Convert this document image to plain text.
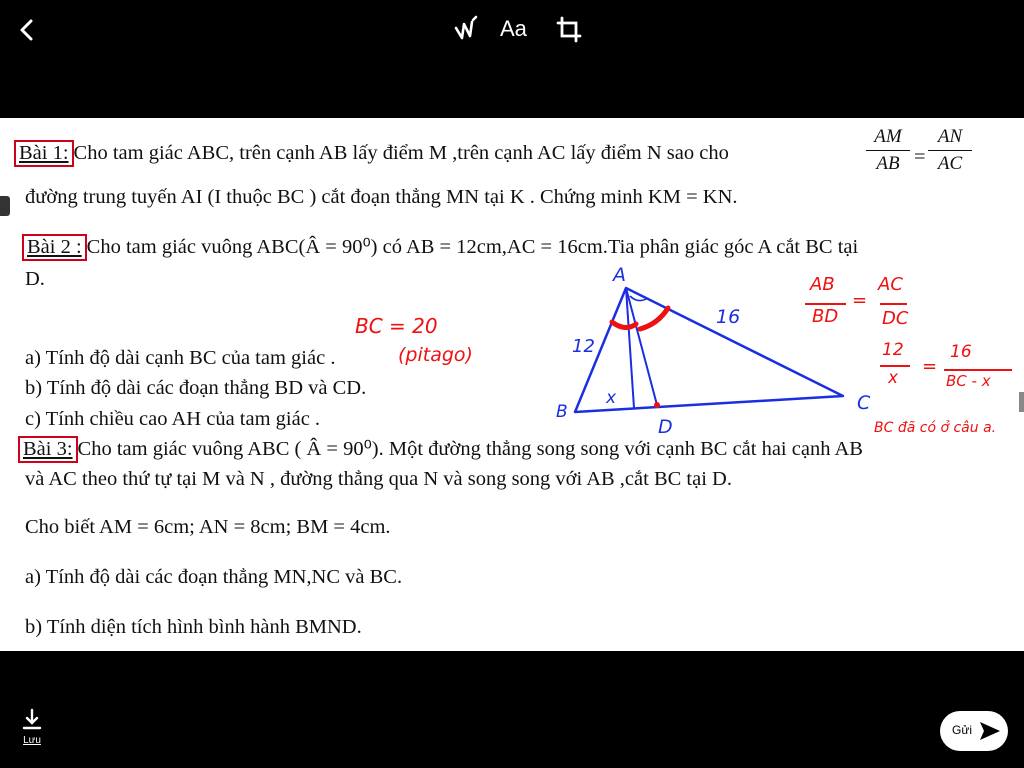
Aa
Bài 1: Cho tam giác ABC, trên cạnh AB lấy điểm M ,trên cạnh AC lấy điểm N sao cho
AM
AB =
AN
AC
đường trung tuyến AI (I thuộc BC ) cắt đoạn thẳng MN tại K . Chứng minh KM = KN.
Bài 2 : Cho tam giác vuông ABC(Â = 90⁰) có AB = 12cm,AC = 16cm.Tia phân giác góc A cắt BC tại
D.
a) Tính độ dài cạnh BC của tam giác .
b) Tính độ dài các đoạn thẳng BD và CD.
c) Tính chiều cao AH của tam giác .
Bài 3: Cho tam giác vuông ABC ( Â = 90⁰). Một đường thẳng song song với cạnh BC cắt hai cạnh AB
và AC theo thứ tự tại M và N , đường thẳng qua N và song song với AB ,cắt BC tại D.
Cho biết AM = 6cm; AN = 8cm; BM = 4cm.
a) Tính độ dài các đoạn thẳng MN,NC và BC.
b) Tính diện tích hình bình hành BMND.
A
B	C
D
12
16
x
BC = 20
(pitago)
AB
BD
=
AC
DC
12
x
=
16
BC - x
BC đã có ở câu a.
Lưu
Gửi
